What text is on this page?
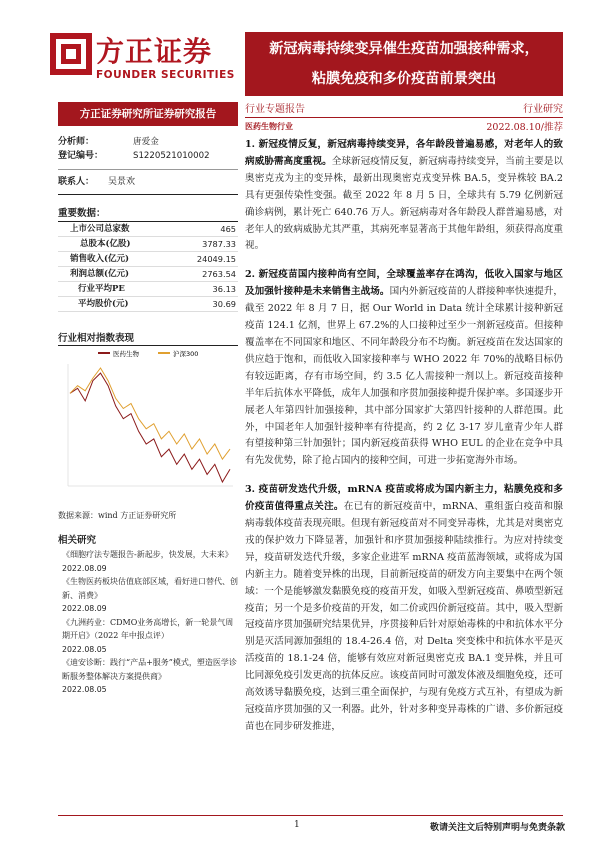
方正证券
FOUNDER SECURITIES
新冠病毒持续变异催生疫苗加强接种需求，
粘膜免疫和多价疫苗前景突出
方正证券研究所证券研究报告	行业专题报告	行业研究
医药生物行业	2022.08.10/推荐
分析师：	唐爱金
登记编号：	S1220521010002
联系人： 吴景欢
重要数据：
上市公司总家数	465
总股本(亿股)	3787.33
销售收入(亿元)	24049.15
利润总额(亿元)	2763.54
行业平均PE	36.13
平均股价(元)	30.69
行业相对指数表现
医药生物	沪深300
数据来源：wind 方正证券研究所
相关研究
《细胞疗法专题报告-新起步，快发展，大未来》
2022.08.09
《生物医药板块估值底部区域，看好进口替代、创新、消费》
2022.08.09
《九洲药业：CDMO业务高增长，新一轮景气周期开启》（2022 年中报点评）
2022.08.05
《迪安诊断：践行“产品+服务”模式，塑造医学诊断服务整体解决方案提供商》
2022.08.05
1. 新冠疫情反复，新冠病毒持续变异，各年龄段普遍易感，对老年人的致病威胁需高度重视。全球新冠疫情反复，新冠病毒持续变异，当前主要是以奥密克戎为主的变异株，最新出现奥密克戎变异株 BA.5，变异株较 BA.2 具有更强传染性变强。截至 2022 年 8 月 5 日，全球共有 5.79 亿例新冠确诊病例，累计死亡 640.76 万人。新冠病毒对各年龄段人群普遍易感，对老年人的致病威胁尤其严重，其病死率显著高于其他年龄组，须获得高度重视。
2. 新冠疫苗国内接种尚有空间，全球覆盖率存在鸿沟，低收入国家与地区及加强针接种是未来销售主战场。国内外新冠疫苗的人群接种率快速提升，截至 2022 年 8 月 7 日，据 Our World in Data 统计全球累计接种新冠疫苗 124.1 亿剂，世界上 67.2%的人口接种过至少一剂新冠疫苗。但接种覆盖率在不同国家和地区、不同年龄段分布不均衡。新冠疫苗在发达国家的供应趋于饱和，而低收入国家接种率与 WHO 2022 年 70%的战略目标仍有较远距离，存有市场空间，约 3.5 亿人需接种一剂以上。新冠疫苗接种半年后抗体水平降低，成年人加强和序贯加强接种提升保护率。多国逐步开展老人年第四针加强接种，其中部分国家扩大第四针接种的人群范围。此外，中国老年人加强针接种率有待提高，约 2 亿 3-17 岁儿童青少年人群有望接种第三针加强针；国内新冠疫苗获得 WHO EUL 的企业在竞争中具有先发优势，除了抢占国内的接种空间，可进一步拓宽海外市场。
3. 疫苗研发迭代升级，mRNA 疫苗或将成为国内新主力，粘膜免疫和多价疫苗值得重点关注。在已有的新冠疫苗中，mRNA、重组蛋白疫苗和腺病毒载体疫苗表现亮眼。但现有新冠疫苗对不同变异毒株，尤其是对奥密克戎的保护效力下降显著，加强针和序贯加强接种陆续推行。为应对持续变异，疫苗研发迭代升级，多家企业进军 mRNA 疫苗蓝海领域，或将成为国内新主力。随着变异株的出现，目前新冠疫苗的研发方向主要集中在两个领域：一个是能够激发黏膜免疫的疫苗开发，如吸入型新冠疫苗、鼻喷型新冠疫苗；另一个是多价疫苗的开发，如二价或四价新冠疫苗。其中，吸入型新冠疫苗序贯加强研究结果优异，序贯接种后针对原始毒株的中和抗体水平分别是灭活同源加强组的 18.4-26.4 倍，对 Delta 突变株中和抗体水平是灭活疫苗的 18.1-24 倍，能够有效应对新冠奥密克戎 BA.1 变异株，并且可比同源免疫引发更高的抗体反应。该疫苗同时可激发体液及细胞免疫，还可高效诱导黏膜免疫，达到三重全面保护，与现有免疫方式互补，有望成为新冠疫苗序贯加强的又一利器。此外，针对多种变异毒株的广谱、多价新冠疫苗也在同步研发推进，
1	敬请关注文后特别声明与免责条款
